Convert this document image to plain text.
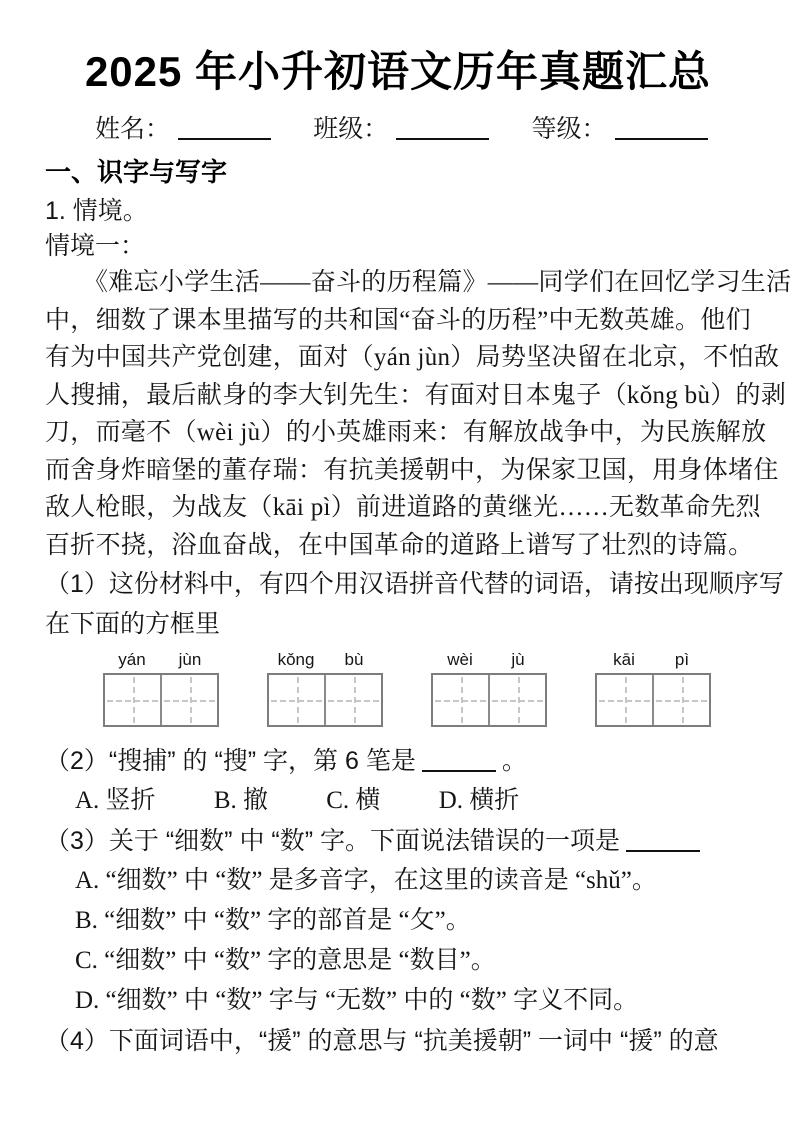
2025 年小升初语文历年真题汇总
姓名：	班级：	等级：
一、识字与写字
1. 情境。
情境一：
《难忘小学生活——奋斗的历程篇》——同学们在回忆学习生活
中，细数了课本里描写的共和国“奋斗的历程”中无数英雄。他们
有为中国共产党创建，面对（yán jùn）局势坚决留在北京，不怕敌
人搜捕，最后献身的李大钊先生：有面对日本鬼子（kǒng bù）的剥
刀，而毫不（wèi jù）的小英雄雨来：有解放战争中，为民族解放
而舍身炸暗堡的董存瑞：有抗美援朝中，为保家卫国，用身体堵住
敌人枪眼，为战友（kāi pì）前进道路的黄继光……无数革命先烈
百折不挠，浴血奋战，在中国革命的道路上谱写了壮烈的诗篇。
（1）这份材料中，有四个用汉语拼音代替的词语，请按出现顺序写
在下面的方框里
yán	jùn	kǒng	bù	wèi	jù	kāi	pì
（2）“搜捕” 的 “搜” 字，第 6 笔是	。
A. 竖折 B. 撤 C. 横 D. 横折
（3）关于 “细数” 中 “数” 字。下面说法错误的一项是
A. “细数” 中 “数” 是多音字，在这里的读音是 “shǔ”。
B. “细数” 中 “数” 字的部首是 “攵”。
C. “细数” 中 “数” 字的意思是 “数目”。
D. “细数” 中 “数” 字与 “无数” 中的 “数” 字义不同。
（4）下面词语中，“援” 的意思与 “抗美援朝” 一词中 “援” 的意
